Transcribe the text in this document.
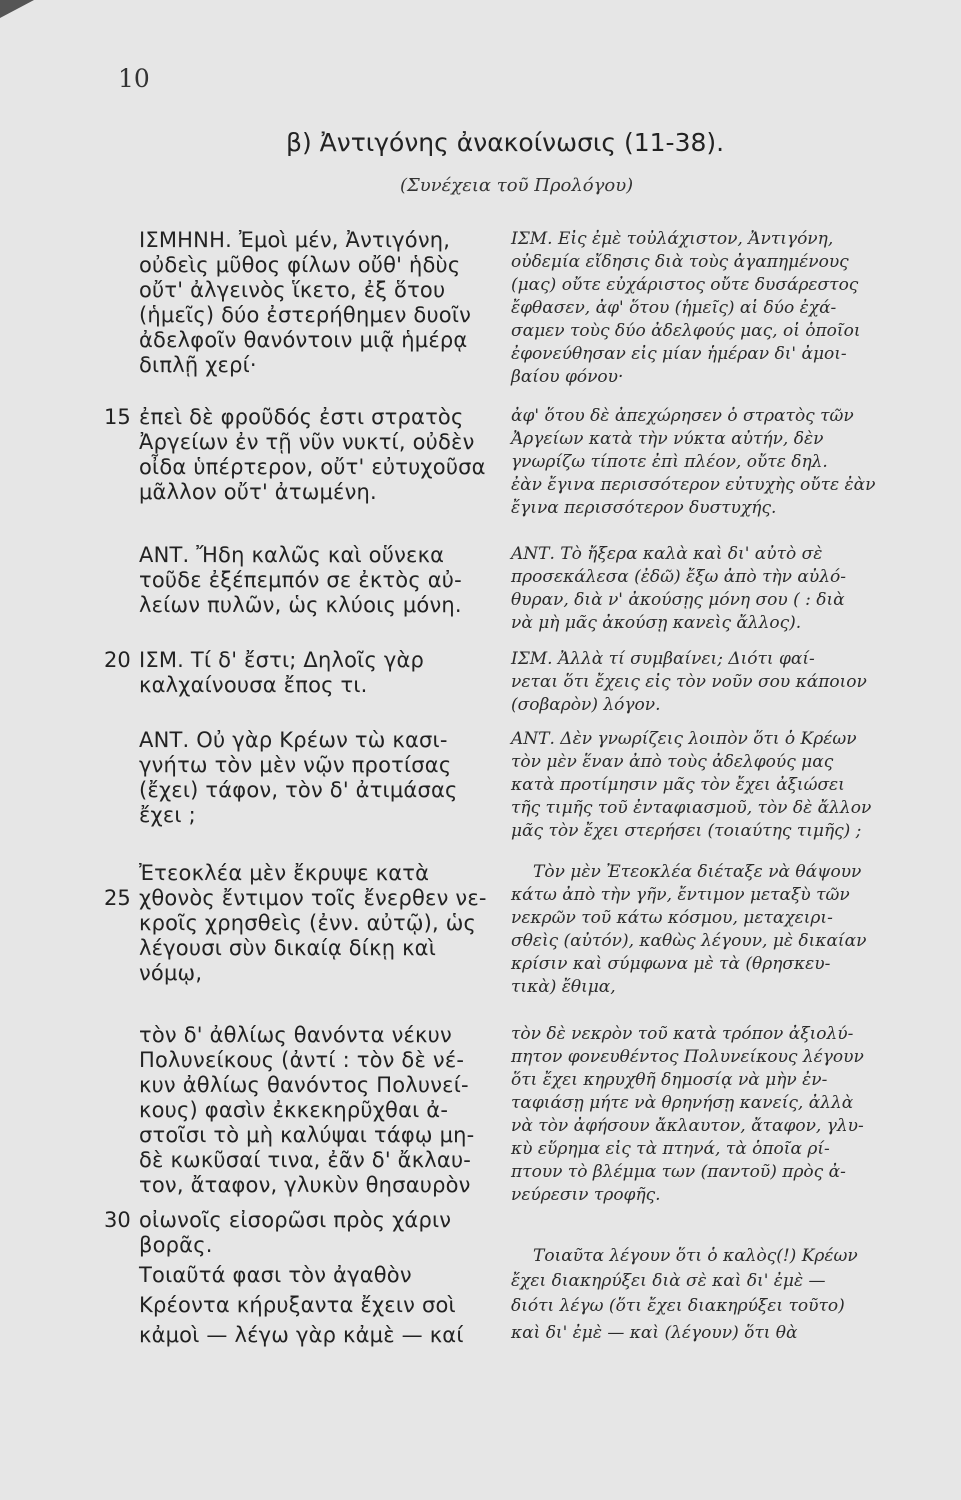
10
β) Ἀντιγόνης ἀνακοίνωσις (11-38).
(Συνέχεια τοῦ Προλόγου)
15
20
25
30
ΙΣΜΗΝΗ. Ἐμοὶ μέν, Ἀντιγόνη,
οὐδεὶς μῦθος φίλων οὔθ' ἡδὺς
οὔτ' ἀλγεινὸς ἵκετο, ἐξ ὅτου
(ἡμεῖς) δύο ἐστερήθημεν δυοῖν
ἀδελφοῖν θανόντοιν μιᾷ ἡμέρᾳ
διπλῇ χερί·
ἐπεὶ δὲ φροῦδός ἐστι στρατὸς
Ἀργείων ἐν τῇ νῦν νυκτί, οὐδὲν
οἶδα ὑπέρτερον, οὔτ' εὐτυχοῦσα
μᾶλλον οὔτ' ἀτωμένη.
ΑΝΤ. Ἤδη καλῶς καὶ οὕνεκα
τοῦδε ἐξέπεμπόν σε ἐκτὸς αὐ-
λείων πυλῶν, ὡς κλύοις μόνη.
ΙΣΜ. Τί δ' ἔστι; Δηλοῖς γὰρ
καλχαίνουσα ἔπος τι.
ΑΝΤ. Οὐ γὰρ Κρέων τὼ κασι-
γνήτω τὸν μὲν νῷν προτίσας
(ἔχει) τάφον, τὸν δ' ἀτιμάσας
ἔχει ;
Ἐτεοκλέα μὲν ἔκρυψε κατὰ
χθονὸς ἔντιμον τοῖς ἔνερθεν νε-
κροῖς χρησθεὶς (ἐνν. αὐτῷ), ὡς
λέγουσι σὺν δικαίᾳ δίκῃ καὶ
νόμῳ,
τὸν δ' ἀθλίως θανόντα νέκυν
Πολυνείκους (ἀντί : τὸν δὲ νέ-
κυν ἀθλίως θανόντος Πολυνεί-
κους) φασὶν ἐκκεκηρῦχθαι ἀ-
στοῖσι τὸ μὴ καλύψαι τάφῳ μη-
δὲ κωκῦσαί τινα, ἐᾶν δ' ἄκλαυ-
τον, ἄταφον, γλυκὺν θησαυρὸν
οἰωνοῖς εἰσορῶσι πρὸς χάριν
βορᾶς.
Τοιαῦτά φασι τὸν ἀγαθὸν
Κρέοντα κήρυξαντα ἔχειν σοὶ
κἀμοὶ — λέγω γὰρ κἀμὲ — καί
ΙΣΜ. Εἰς ἐμὲ τοὐλάχιστον, Ἀντιγόνη,
οὐδεμία εἴδησις διὰ τοὺς ἀγαπημένους
(μας) οὔτε εὐχάριστος οὔτε δυσάρεστος
ἔφθασεν, ἀφ' ὅτου (ἡμεῖς) αἱ δύο ἐχά-
σαμεν τοὺς δύο ἀδελφούς μας, οἱ ὁποῖοι
ἐφονεύθησαν εἰς μίαν ἡμέραν δι' ἀμοι-
βαίου φόνου·
ἀφ' ὅτου δὲ ἀπεχώρησεν ὁ στρατὸς τῶν
Ἀργείων κατὰ τὴν νύκτα αὐτήν, δὲν
γνωρίζω τίποτε ἐπὶ πλέον, οὔτε δηλ.
ἐὰν ἔγινα περισσότερον εὐτυχὴς οὔτε ἐὰν
ἔγινα περισσότερον δυστυχής.
ΑΝΤ. Τὸ ἤξερα καλὰ καὶ δι' αὐτὸ σὲ
προσεκάλεσα (ἐδῶ) ἔξω ἀπὸ τὴν αὐλό-
θυραν, διὰ ν' ἀκούσῃς μόνη σου ( : διὰ
νὰ μὴ μᾶς ἀκούσῃ κανεὶς ἄλλος).
ΙΣΜ. Ἀλλὰ τί συμβαίνει; Διότι φαί-
νεται ὅτι ἔχεις εἰς τὸν νοῦν σου κάποιον
(σοβαρὸν) λόγον.
ΑΝΤ. Δὲν γνωρίζεις λοιπὸν ὅτι ὁ Κρέων
τὸν μὲν ἕναν ἀπὸ τοὺς ἀδελφούς μας
κατὰ προτίμησιν μᾶς τὸν ἔχει ἀξιώσει
τῆς τιμῆς τοῦ ἐνταφιασμοῦ, τὸν δὲ ἄλλον
μᾶς τὸν ἔχει στερήσει (τοιαύτης τιμῆς) ;
Τὸν μὲν Ἐτεοκλέα διέταξε νὰ θάψουν
κάτω ἀπὸ τὴν γῆν, ἔντιμον μεταξὺ τῶν
νεκρῶν τοῦ κάτω κόσμου, μεταχειρι-
σθεὶς (αὐτόν), καθὼς λέγουν, μὲ δικαίαν
κρίσιν καὶ σύμφωνα μὲ τὰ (θρησκευ-
τικὰ) ἔθιμα,
τὸν δὲ νεκρὸν τοῦ κατὰ τρόπον ἀξιολύ-
πητον φονευθέντος Πολυνείκους λέγουν
ὅτι ἔχει κηρυχθῆ δημοσίᾳ νὰ μὴν ἐν-
ταφιάσῃ μήτε νὰ θρηνήσῃ κανείς, ἀλλὰ
νὰ τὸν ἀφήσουν ἄκλαυτον, ἄταφον, γλυ-
κὺ εὕρημα εἰς τὰ πτηνά, τὰ ὁποῖα ρί-
πτουν τὸ βλέμμα των (παντοῦ) πρὸς ἀ-
νεύρεσιν τροφῆς.
Τοιαῦτα λέγουν ὅτι ὁ καλὸς(!) Κρέων
ἔχει διακηρύξει διὰ σὲ καὶ δι' ἐμὲ —
διότι λέγω (ὅτι ἔχει διακηρύξει τοῦτο)
καὶ δι' ἐμὲ — καὶ (λέγουν) ὅτι θὰ
